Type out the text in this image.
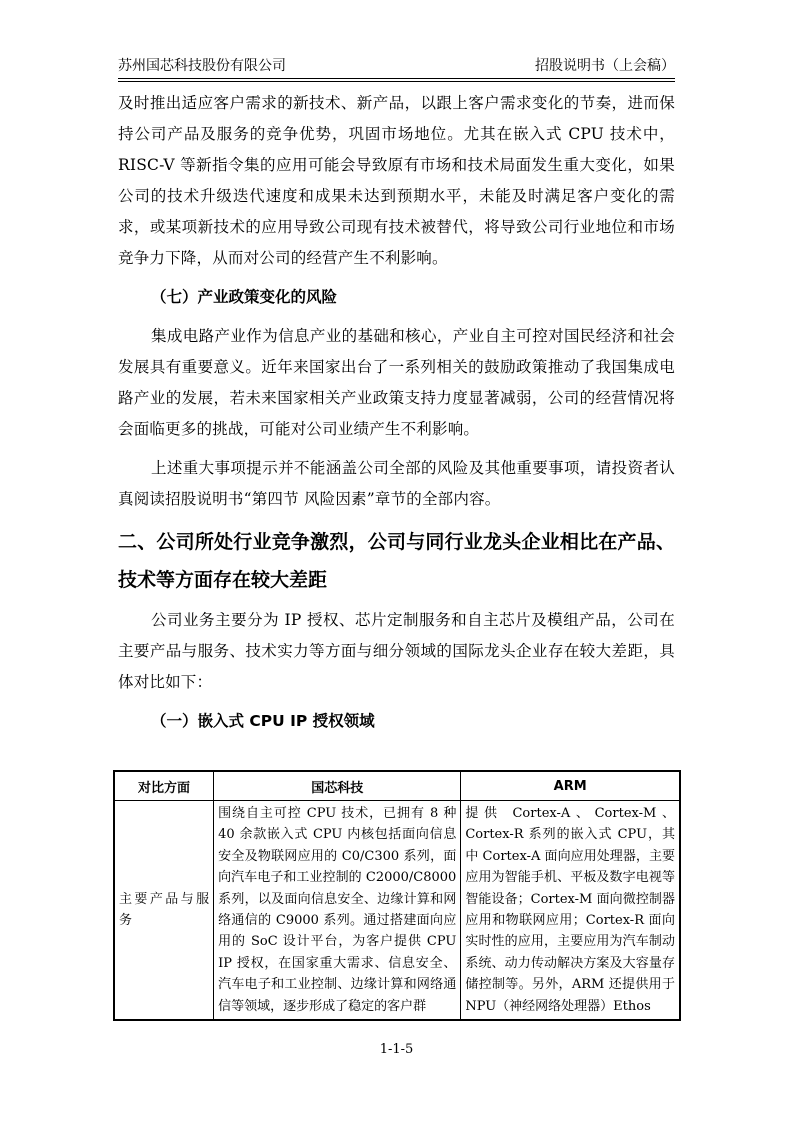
苏州国芯科技股份有限公司	招股说明书（上会稿）

及时推出适应客户需求的新技术、新产品，以跟上客户需求变化的节奏，进而保持公司产品及服务的竞争优势，巩固市场地位。尤其在嵌入式 CPU 技术中，RISC-V 等新指令集的应用可能会导致原有市场和技术局面发生重大变化，如果公司的技术升级迭代速度和成果未达到预期水平，未能及时满足客户变化的需求，或某项新技术的应用导致公司现有技术被替代，将导致公司行业地位和市场竞争力下降，从而对公司的经营产生不利影响。

（七）产业政策变化的风险

集成电路产业作为信息产业的基础和核心，产业自主可控对国民经济和社会发展具有重要意义。近年来国家出台了一系列相关的鼓励政策推动了我国集成电路产业的发展，若未来国家相关产业政策支持力度显著减弱，公司的经营情况将会面临更多的挑战，可能对公司业绩产生不利影响。

上述重大事项提示并不能涵盖公司全部的风险及其他重要事项，请投资者认真阅读招股说明书“第四节 风险因素”章节的全部内容。

二、公司所处行业竞争激烈，公司与同行业龙头企业相比在产品、技术等方面存在较大差距

公司业务主要分为 IP 授权、芯片定制服务和自主芯片及模组产品，公司在主要产品与服务、技术实力等方面与细分领域的国际龙头企业存在较大差距，具体对比如下：

（一）嵌入式 CPU IP 授权领域
对比方面	国芯科技	ARM
主要产品与服务	围绕自主可控 CPU 技术，已拥有 8 种 40 余款嵌入式 CPU 内核包括面向信息安全及物联网应用的 C0/C300 系列，面向汽车电子和工业控制的 C2000/C8000 系列，以及面向信息安全、边缘计算和网络通信的 C9000 系列。通过搭建面向应用的 SoC 设计平台，为客户提供 CPU IP 授权，在国家重大需求、信息安全、汽车电子和工业控制、边缘计算和网络通信等领域，逐步形成了稳定的客户群	提供 Cortex-A、Cortex-M、Cortex-R 系列的嵌入式 CPU，其中 Cortex-A 面向应用处理器，主要应用为智能手机、平板及数字电视等智能设备；Cortex-M 面向微控制器应用和物联网应用；Cortex-R 面向实时性的应用，主要应用为汽车制动系统、动力传动解决方案及大容量存储控制等。另外，ARM 还提供用于 NPU（神经网络处理器）Ethos
1-1-5
